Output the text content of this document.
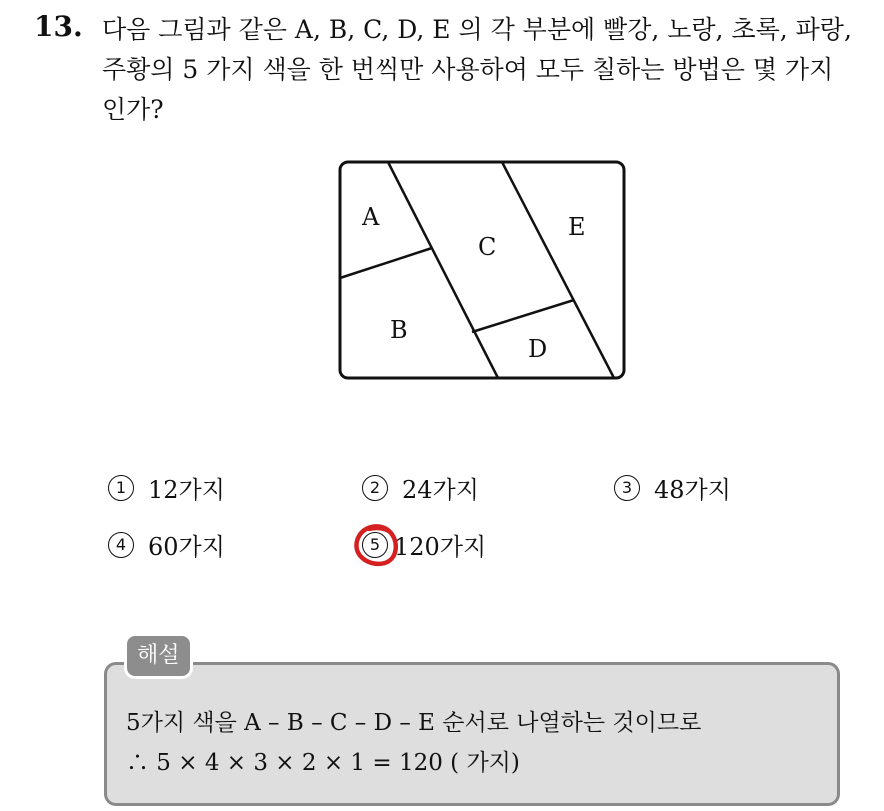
13. 다음 그림과 같은 A, B, C, D, E 의 각 부분에 빨강, 노랑, 초록, 파랑,
주황의 5 가지 색을 한 번씩만 사용하여 모두 칠하는 방법은 몇 가지
인가?
A
B
C
D
E
1 12가지	2 24가지	3 48가지
4 60가지	5 120가지
해설
5가지 색을 A – B – C – D – E 순서로 나열하는 것이므로
∴ 5 × 4 × 3 × 2 × 1 = 120 ( 가지)
